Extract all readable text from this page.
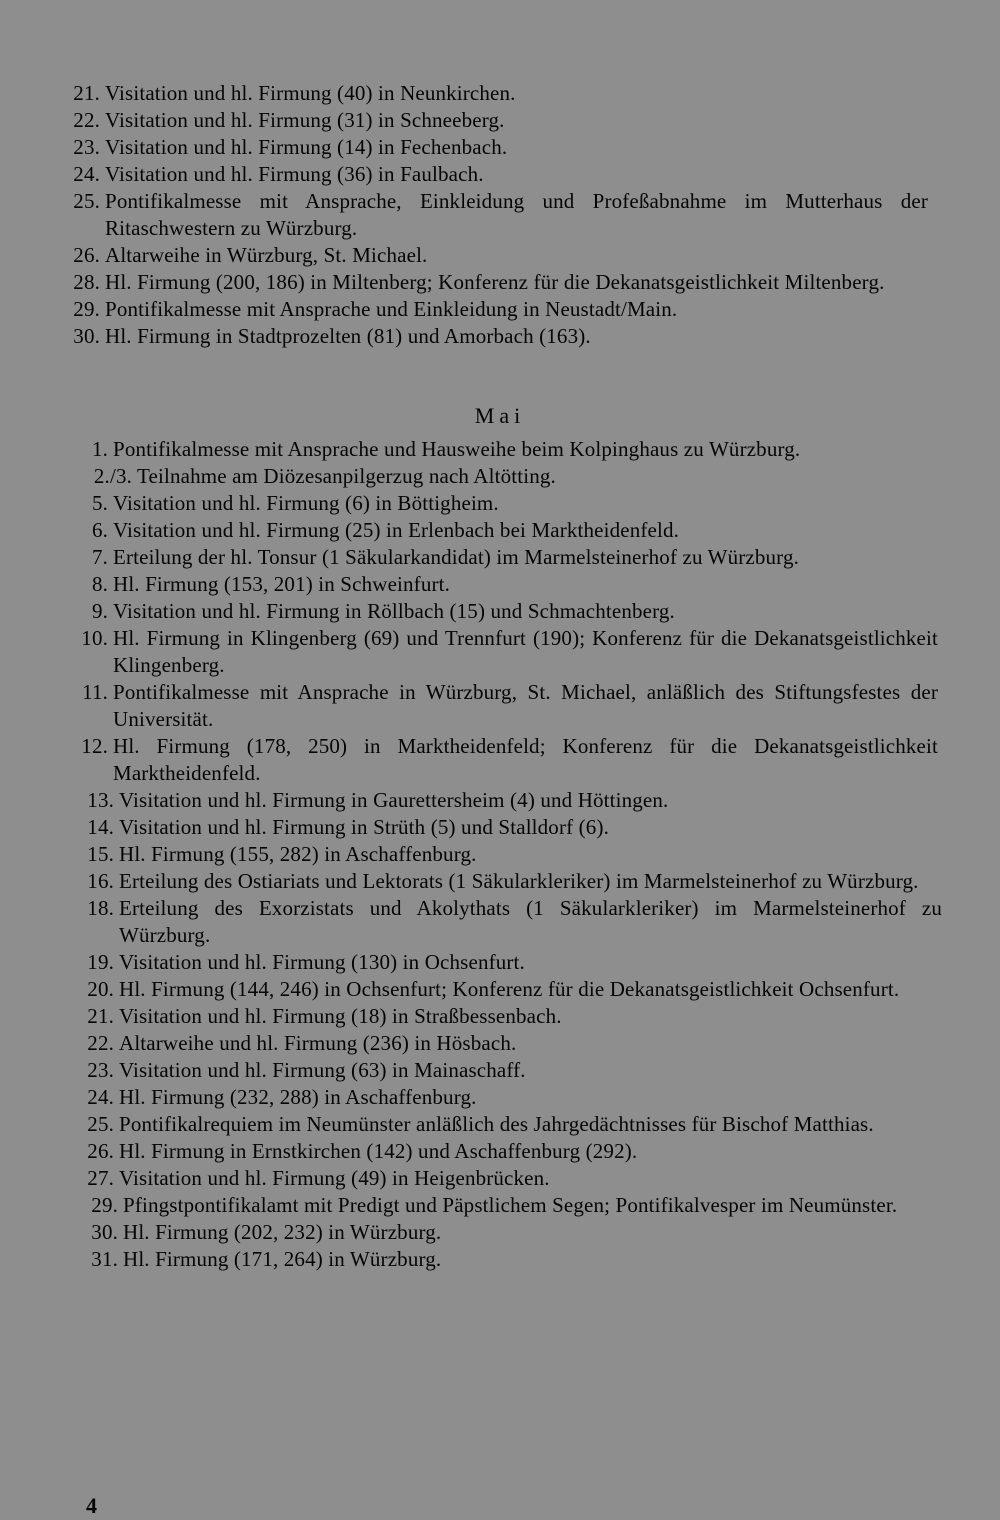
21. Visitation und hl. Firmung (40) in Neunkirchen.
22. Visitation und hl. Firmung (31) in Schneeberg.
23. Visitation und hl. Firmung (14) in Fechenbach.
24. Visitation und hl. Firmung (36) in Faulbach.
25. Pontifikalmesse mit Ansprache, Einkleidung und Profeßabnahme im Mutterhaus der Ritaschwestern zu Würzburg.
26. Altarweihe in Würzburg, St. Michael.
28. Hl. Firmung (200, 186) in Miltenberg; Konferenz für die Dekanatsgeistlichkeit Miltenberg.
29. Pontifikalmesse mit Ansprache und Einkleidung in Neustadt/Main.
30. Hl. Firmung in Stadtprozelten (81) und Amorbach (163).
Mai
1. Pontifikalmesse mit Ansprache und Hausweihe beim Kolpinghaus zu Würzburg.
2./3. Teilnahme am Diözesanpilgerzug nach Altötting.
5. Visitation und hl. Firmung (6) in Böttigheim.
6. Visitation und hl. Firmung (25) in Erlenbach bei Marktheidenfeld.
7. Erteilung der hl. Tonsur (1 Säkularkandidat) im Marmelsteinerhof zu Würzburg.
8. Hl. Firmung (153, 201) in Schweinfurt.
9. Visitation und hl. Firmung in Röllbach (15) und Schmachtenberg.
10. Hl. Firmung in Klingenberg (69) und Trennfurt (190); Konferenz für die Dekanatsgeistlichkeit Klingenberg.
11. Pontifikalmesse mit Ansprache in Würzburg, St. Michael, anläßlich des Stiftungsfestes der Universität.
12. Hl. Firmung (178, 250) in Marktheidenfeld; Konferenz für die Dekanatsgeistlichkeit Marktheidenfeld.
13. Visitation und hl. Firmung in Gaurettersheim (4) und Höttingen.
14. Visitation und hl. Firmung in Strüth (5) und Stalldorf (6).
15. Hl. Firmung (155, 282) in Aschaffenburg.
16. Erteilung des Ostiariats und Lektorats (1 Säkularkleriker) im Marmelsteinerhof zu Würzburg.
18. Erteilung des Exorzistats und Akolythats (1 Säkularkleriker) im Marmelsteinerhof zu Würzburg.
19. Visitation und hl. Firmung (130) in Ochsenfurt.
20. Hl. Firmung (144, 246) in Ochsenfurt; Konferenz für die Dekanatsgeistlichkeit Ochsenfurt.
21. Visitation und hl. Firmung (18) in Straßbessenbach.
22. Altarweihe und hl. Firmung (236) in Hösbach.
23. Visitation und hl. Firmung (63) in Mainaschaff.
24. Hl. Firmung (232, 288) in Aschaffenburg.
25. Pontifikalrequiem im Neumünster anläßlich des Jahrgedächtnisses für Bischof Matthias.
26. Hl. Firmung in Ernstkirchen (142) und Aschaffenburg (292).
27. Visitation und hl. Firmung (49) in Heigenbrücken.
29. Pfingstpontifikalamt mit Predigt und Päpstlichem Segen; Pontifikalvesper im Neumünster.
30. Hl. Firmung (202, 232) in Würzburg.
31. Hl. Firmung (171, 264) in Würzburg.
4
